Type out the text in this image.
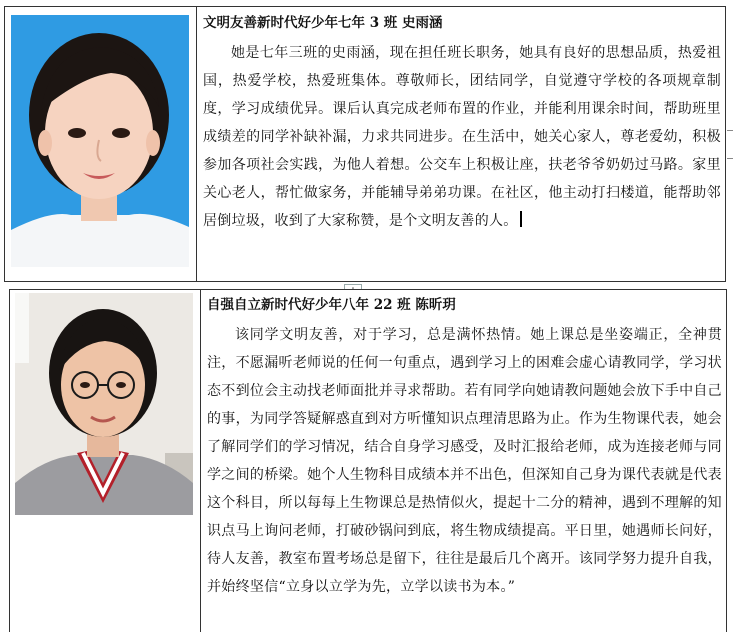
文明友善新时代好少年七年 3 班 史雨涵

她是七年三班的史雨涵，现在担任班长职务，她具有良好的思想品质，热爱祖国，热爱学校，热爱班集体。尊敬师长，团结同学，自觉遵守学校的各项规章制度，学习成绩优异。课后认真完成老师布置的作业，并能利用课余时间，帮助班里成绩差的同学补缺补漏，力求共同进步。在生活中，她关心家人，尊老爱幼，积极参加各项社会实践，为他人着想。公交车上积极让座，扶老爷爷奶奶过马路。家里关心老人，帮忙做家务，并能辅导弟弟功课。在社区，他主动打扫楼道，能帮助邻居倒垃圾，收到了大家称赞，是个文明友善的人。

自强自立新时代好少年八年 22 班 陈昕玥

该同学文明友善，对于学习，总是满怀热情。她上课总是坐姿端正，全神贯注，不愿漏听老师说的任何一句重点，遇到学习上的困难会虚心请教同学，学习状态不到位会主动找老师面批并寻求帮助。若有同学向她请教问题她会放下手中自己的事，为同学答疑解惑直到对方听懂知识点理清思路为止。作为生物课代表，她会了解同学们的学习情况，结合自身学习感受，及时汇报给老师，成为连接老师与同学之间的桥梁。她个人生物科目成绩本并不出色，但深知自己身为课代表就是代表这个科目，所以每每上生物课总是热情似火，提起十二分的精神，遇到不理解的知识点马上询问老师，打破砂锅问到底，将生物成绩提高。平日里，她遇师长问好，待人友善，教室布置考场总是留下，往往是最后几个离开。该同学努力提升自我，并始终坚信“立身以立学为先，立学以读书为本。”
